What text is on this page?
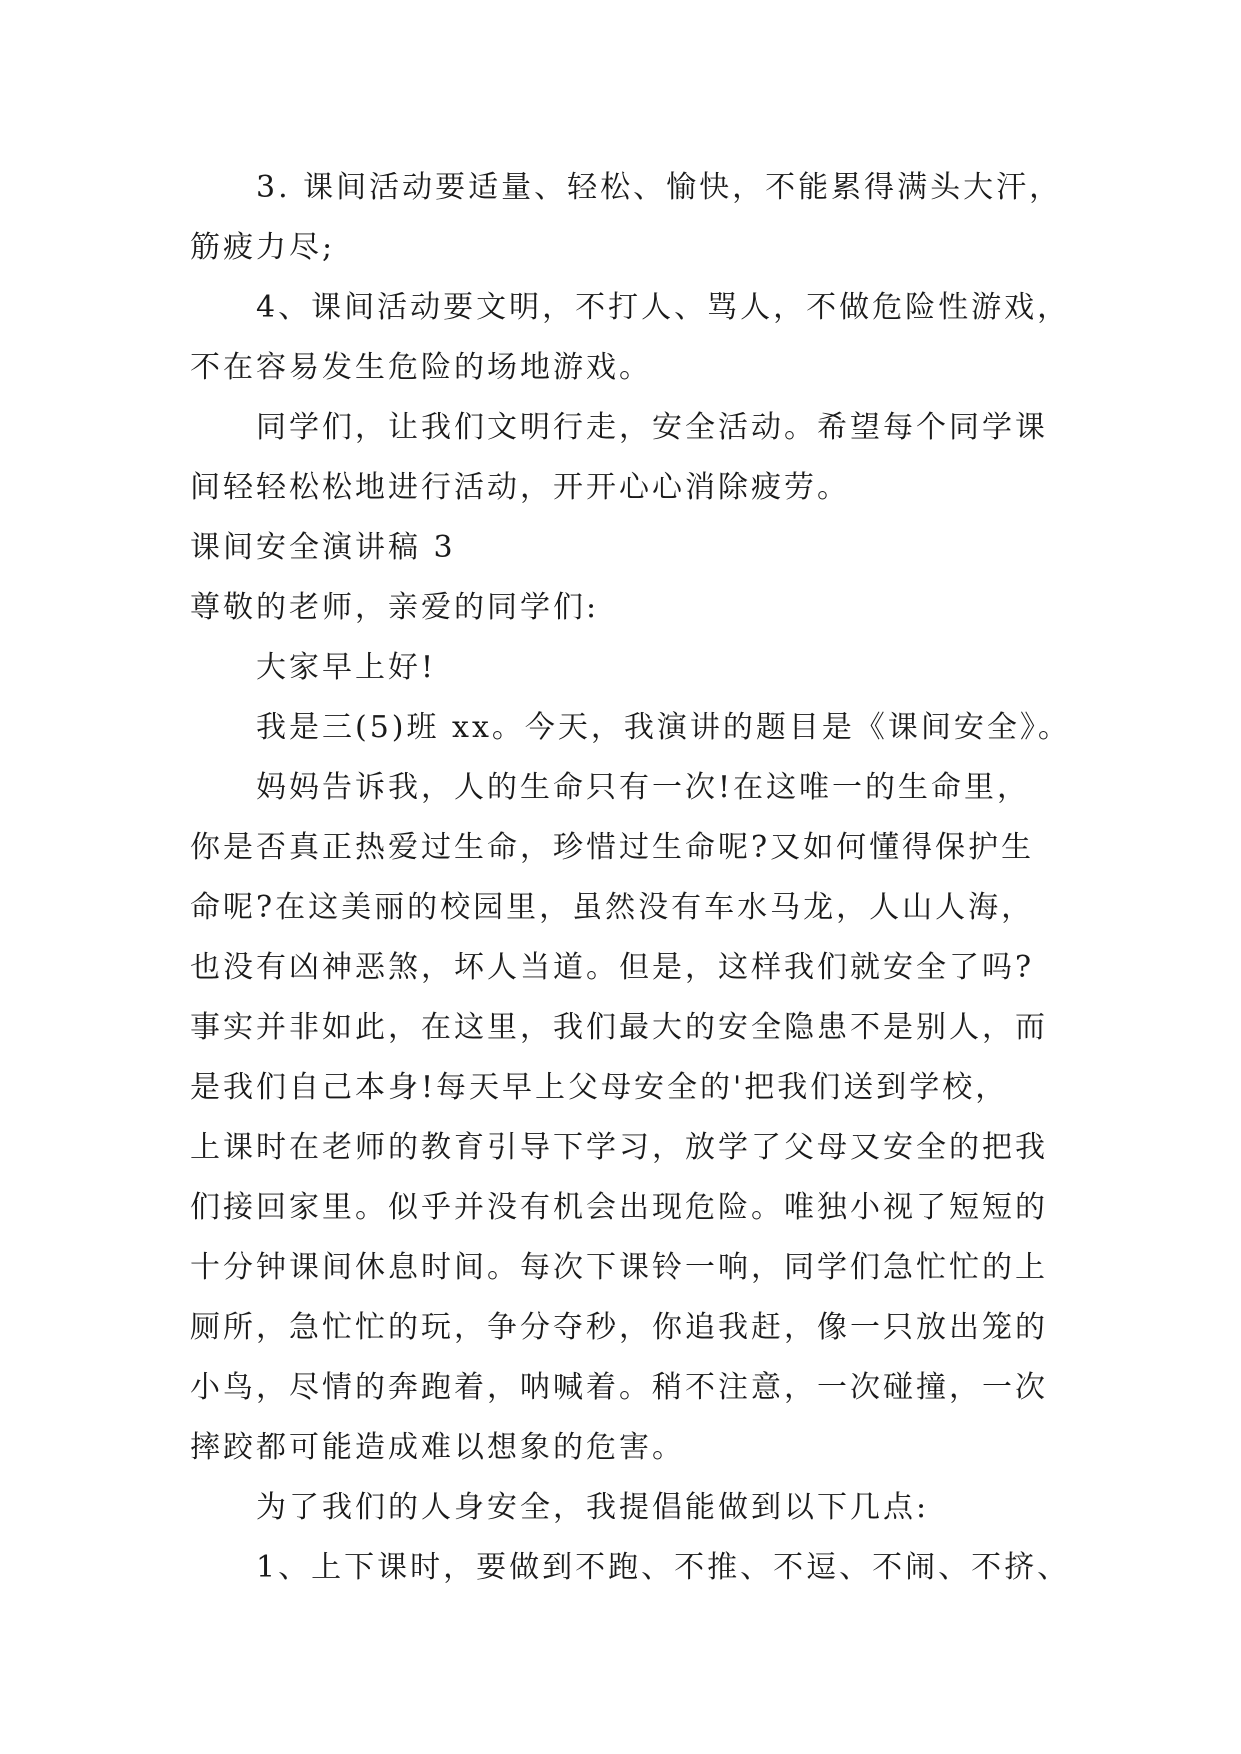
3. 课间活动要适量、轻松、愉快，不能累得满头大汗，
筋疲力尽;
4、课间活动要文明，不打人、骂人，不做危险性游戏，
不在容易发生危险的场地游戏。
同学们，让我们文明行走，安全活动。希望每个同学课
间轻轻松松地进行活动，开开心心消除疲劳。
课间安全演讲稿 3
尊敬的老师，亲爱的同学们:
大家早上好!
我是三(5)班 xx。今天，我演讲的题目是《课间安全》。
妈妈告诉我，人的生命只有一次!在这唯一的生命里，
你是否真正热爱过生命，珍惜过生命呢?又如何懂得保护生
命呢?在这美丽的校园里，虽然没有车水马龙，人山人海，
也没有凶神恶煞，坏人当道。但是，这样我们就安全了吗?
事实并非如此，在这里，我们最大的安全隐患不是别人，而
是我们自己本身!每天早上父母安全的'把我们送到学校，
上课时在老师的教育引导下学习，放学了父母又安全的把我
们接回家里。似乎并没有机会出现危险。唯独小视了短短的
十分钟课间休息时间。每次下课铃一响，同学们急忙忙的上
厕所，急忙忙的玩，争分夺秒，你追我赶，像一只放出笼的
小鸟，尽情的奔跑着，呐喊着。稍不注意，一次碰撞，一次
摔跤都可能造成难以想象的危害。
为了我们的人身安全，我提倡能做到以下几点:
1、上下课时，要做到不跑、不推、不逗、不闹、不挤、
